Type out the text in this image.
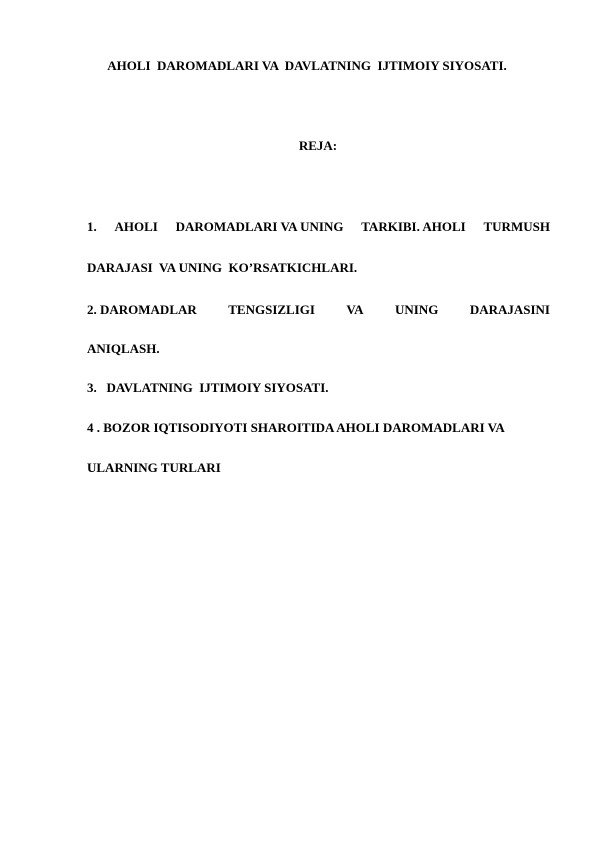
AHOLI  DAROMADLARI VA  DAVLATNING  IJTIMOIY SIYOSATI.
REJA:
1. AHOLI DAROMADLARI VA UNING TARKIBI. AHOLI TURMUSH
DARAJASI  VA UNING  KO’RSATKICHLARI.
2. DAROMADLAR TENGSIZLIGI VA UNING DARAJASINI
ANIQLASH.
3.   DAVLATNING  IJTIMOIY SIYOSATI.
4 . BOZOR IQTISODIYOTI SHAROITIDA AHOLI DAROMADLARI VA
ULARNING TURLARI
